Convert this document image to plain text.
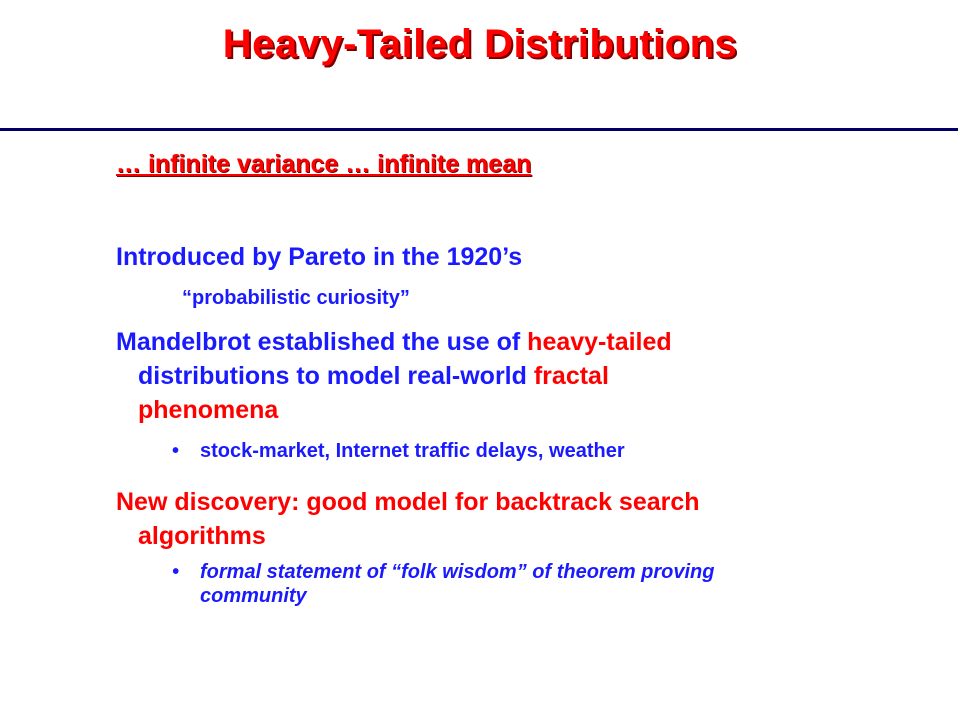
Heavy-Tailed Distributions
… infinite variance … infinite mean
Introduced by Pareto in the 1920’s
“probabilistic curiosity”
Mandelbrot established the use of heavy-tailed
distributions to model real-world fractal
phenomena
• stock-market, Internet traffic delays, weather
New discovery: good model for backtrack search
algorithms
• formal statement of “folk wisdom” of theorem proving
community
